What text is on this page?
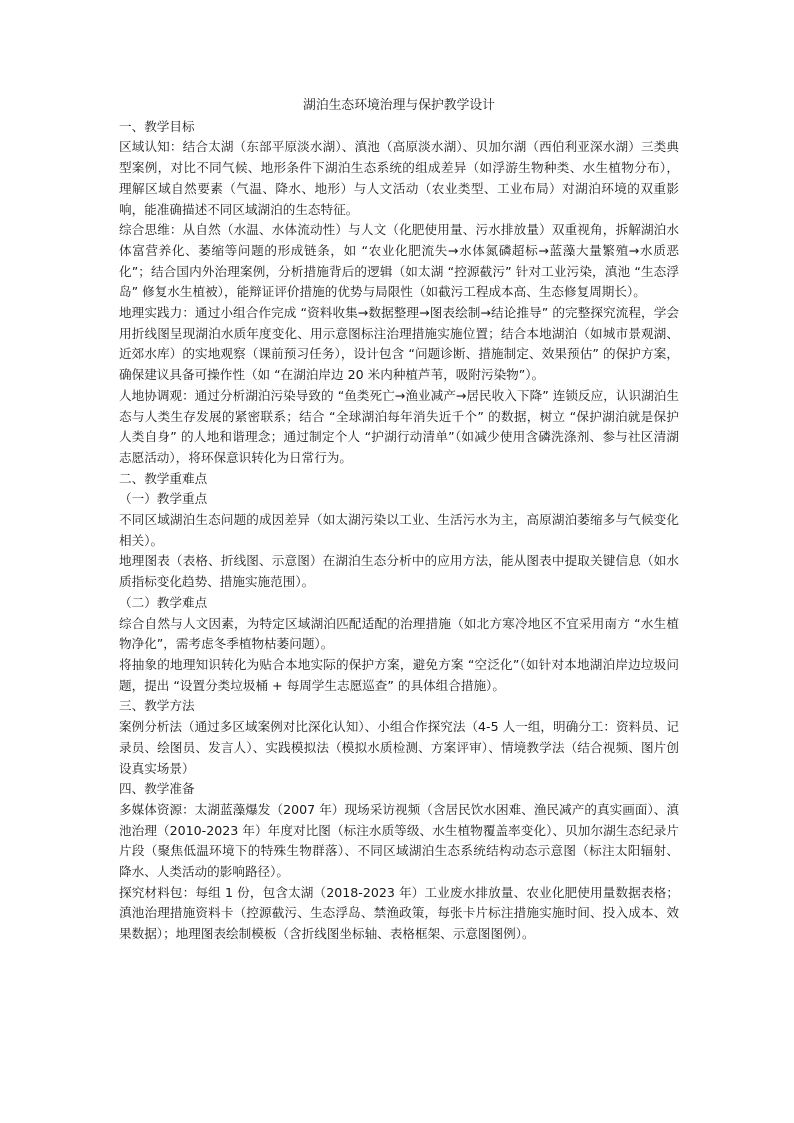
湖泊生态环境治理与保护教学设计

一、教学目标

区域认知：结合太湖（东部平原淡水湖）、滇池（高原淡水湖）、贝加尔湖（西伯利亚深水湖）三类典型案例，对比不同气候、地形条件下湖泊生态系统的组成差异（如浮游生物种类、水生植物分布），理解区域自然要素（气温、降水、地形）与人文活动（农业类型、工业布局）对湖泊环境的双重影响，能准确描述不同区域湖泊的生态特征。

综合思维：从自然（水温、水体流动性）与人文（化肥使用量、污水排放量）双重视角，拆解湖泊水体富营养化、萎缩等问题的形成链条，如 “农业化肥流失→水体氮磷超标→蓝藻大量繁殖→水质恶化”；结合国内外治理案例，分析措施背后的逻辑（如太湖 “控源截污” 针对工业污染，滇池 “生态浮岛” 修复水生植被），能辩证评价措施的优势与局限性（如截污工程成本高、生态修复周期长）。

地理实践力：通过小组合作完成 “资料收集→数据整理→图表绘制→结论推导” 的完整探究流程，学会用折线图呈现湖泊水质年度变化、用示意图标注治理措施实施位置；结合本地湖泊（如城市景观湖、近郊水库）的实地观察（课前预习任务），设计包含 “问题诊断、措施制定、效果预估” 的保护方案，确保建议具备可操作性（如 “在湖泊岸边 20 米内种植芦苇，吸附污染物”）。

人地协调观：通过分析湖泊污染导致的 “鱼类死亡→渔业减产→居民收入下降” 连锁反应，认识湖泊生态与人类生存发展的紧密联系；结合 “全球湖泊每年消失近千个” 的数据，树立 “保护湖泊就是保护人类自身” 的人地和谐理念；通过制定个人 “护湖行动清单”（如减少使用含磷洗涤剂、参与社区清湖志愿活动），将环保意识转化为日常行为。

二、教学重难点

（一）教学重点

不同区域湖泊生态问题的成因差异（如太湖污染以工业、生活污水为主，高原湖泊萎缩多与气候变化相关）。

地理图表（表格、折线图、示意图）在湖泊生态分析中的应用方法，能从图表中提取关键信息（如水质指标变化趋势、措施实施范围）。

（二）教学难点

综合自然与人文因素，为特定区域湖泊匹配适配的治理措施（如北方寒冷地区不宜采用南方 “水生植物净化”，需考虑冬季植物枯萎问题）。

将抽象的地理知识转化为贴合本地实际的保护方案，避免方案 “空泛化”（如针对本地湖泊岸边垃圾问题，提出 “设置分类垃圾桶 + 每周学生志愿巡查” 的具体组合措施）。

三、教学方法

案例分析法（通过多区域案例对比深化认知）、小组合作探究法（4-5 人一组，明确分工：资料员、记录员、绘图员、发言人）、实践模拟法（模拟水质检测、方案评审）、情境教学法（结合视频、图片创设真实场景）

四、教学准备

多媒体资源：太湖蓝藻爆发（2007 年）现场采访视频（含居民饮水困难、渔民减产的真实画面）、滇池治理（2010-2023 年）年度对比图（标注水质等级、水生植物覆盖率变化）、贝加尔湖生态纪录片片段（聚焦低温环境下的特殊生物群落）、不同区域湖泊生态系统结构动态示意图（标注太阳辐射、降水、人类活动的影响路径）。

探究材料包：每组 1 份，包含太湖（2018-2023 年）工业废水排放量、农业化肥使用量数据表格；滇池治理措施资料卡（控源截污、生态浮岛、禁渔政策，每张卡片标注措施实施时间、投入成本、效果数据）；地理图表绘制模板（含折线图坐标轴、表格框架、示意图图例）。
